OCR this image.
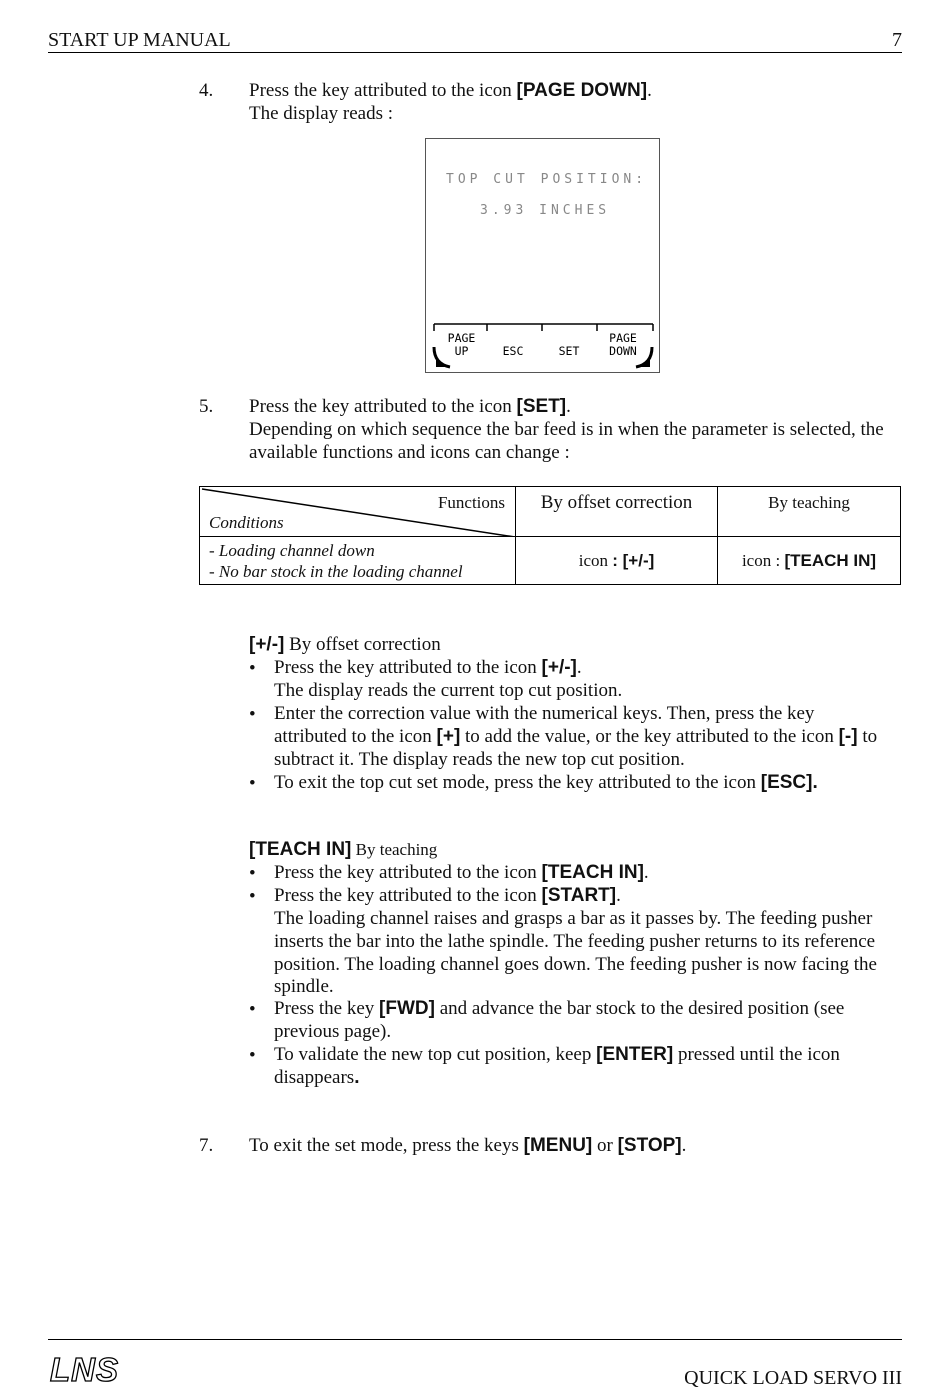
START UP MANUAL	7
4. Press the key attributed to the icon [PAGE DOWN].
The display reads :
TOP CUT POSITION:
3.93 INCHES
PAGE
UP	ESC	SET
PAGE
DOWN
5. Press the key attributed to the icon [SET].
Depending on which sequence the bar feed is in when the parameter is selected, the
available functions and icons can change :
Functions
Conditions	By offset correction	By teaching

- Loading channel down
- No bar stock in the loading channel	icon : [+/-]	icon : [TEACH IN]
[+/-] By offset correction
• Press the key attributed to the icon [+/-].
The display reads the current top cut position.
• Enter the correction value with the numerical keys. Then, press the key
attributed to the icon [+] to add the value, or the key attributed to the icon [-] to
subtract it. The display reads the new top cut position.
• To exit the top cut set mode, press the key attributed to the icon [ESC].
[TEACH IN] By teaching
• Press the key attributed to the icon [TEACH IN].
• Press the key attributed to the icon [START].
The loading channel raises and grasps a bar as it passes by. The feeding pusher
inserts the bar into the lathe spindle. The feeding pusher returns to its reference
position. The loading channel goes down. The feeding pusher is now facing the
spindle.
• Press the key [FWD] and advance the bar stock to the desired position (see
previous page).
• To validate the new top cut position, keep [ENTER] pressed until the icon
disappears.
7. To exit the set mode, press the keys [MENU] or [STOP].
LNS	QUICK LOAD SERVO III
